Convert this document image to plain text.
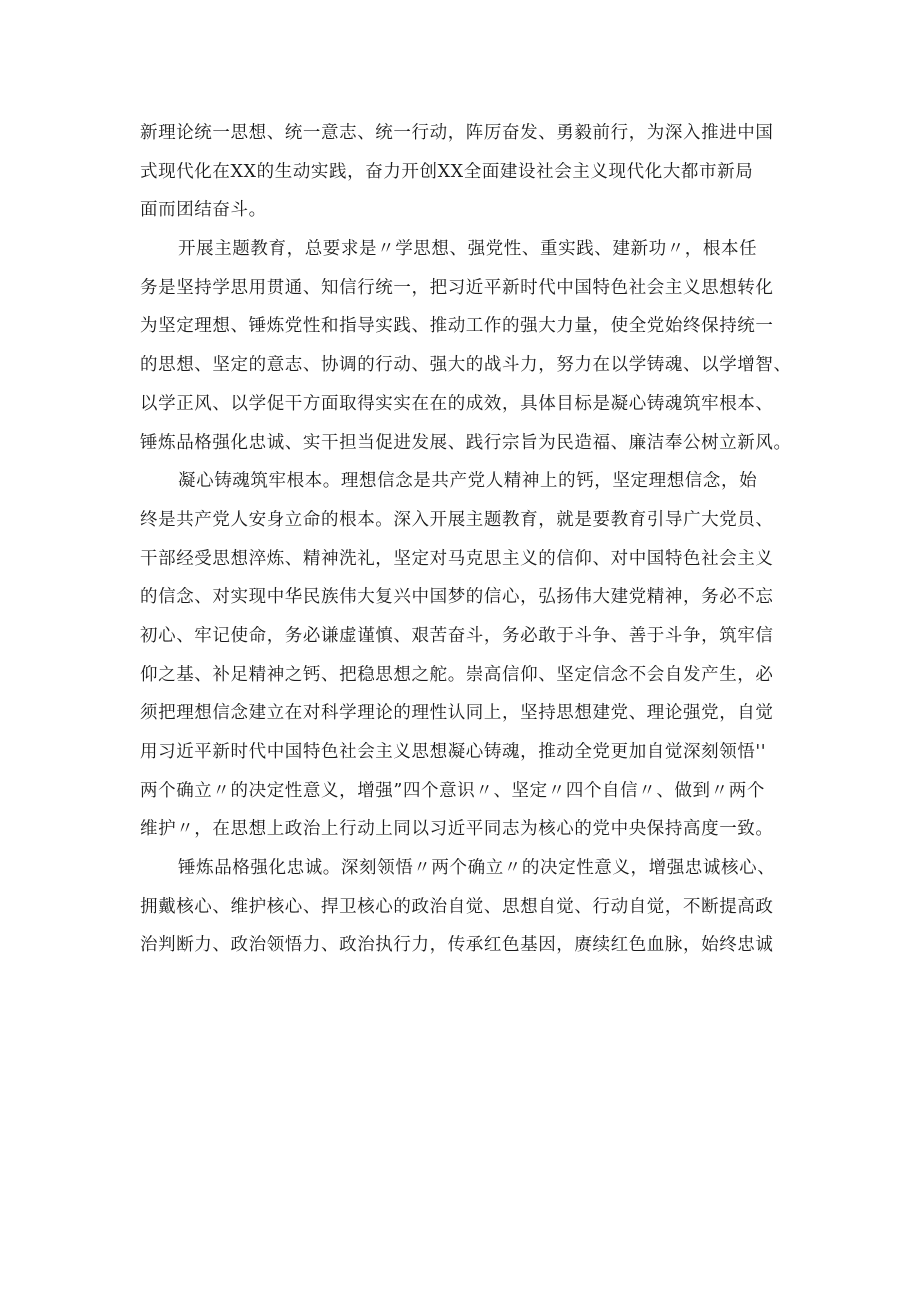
新理论统一思想、统一意志、统一行动，阵厉奋发、勇毅前行，为深入推进中国
式现代化在XX的生动实践，奋力开创XX全面建设社会主义现代化大都市新局
面而团结奋斗。
开展主题教育，总要求是〃学思想、强党性、重实践、建新功〃，根本任
务是坚持学思用贯通、知信行统一，把习近平新时代中国特色社会主义思想转化
为坚定理想、锤炼党性和指导实践、推动工作的强大力量，使全党始终保持统一
的思想、坚定的意志、协调的行动、强大的战斗力，努力在以学铸魂、以学增智、
以学正风、以学促干方面取得实实在在的成效，具体目标是凝心铸魂筑牢根本、
锤炼品格强化忠诚、实干担当促进发展、践行宗旨为民造福、廉洁奉公树立新风。
凝心铸魂筑牢根本。理想信念是共产党人精神上的钙，坚定理想信念，始
终是共产党人安身立命的根本。深入开展主题教育，就是要教育引导广大党员、
干部经受思想淬炼、精神洗礼，坚定对马克思主义的信仰、对中国特色社会主义
的信念、对实现中华民族伟大复兴中国梦的信心，弘扬伟大建党精神，务必不忘
初心、牢记使命，务必谦虚谨慎、艰苦奋斗，务必敢于斗争、善于斗争，筑牢信
仰之基、补足精神之钙、把稳思想之舵。崇高信仰、坚定信念不会自发产生，必
须把理想信念建立在对科学理论的理性认同上，坚持思想建党、理论强党，自觉
用习近平新时代中国特色社会主义思想凝心铸魂，推动全党更加自觉深刻领悟''
两个确立〃的决定性意义，增强”四个意识〃、坚定〃四个自信〃、做到〃两个
维护〃，在思想上政治上行动上同以习近平同志为核心的党中央保持高度一致。
锤炼品格强化忠诚。深刻领悟〃两个确立〃的决定性意义，增强忠诚核心、
拥戴核心、维护核心、捍卫核心的政治自觉、思想自觉、行动自觉，不断提高政
治判断力、政治领悟力、政治执行力，传承红色基因，赓续红色血脉，始终忠诚
